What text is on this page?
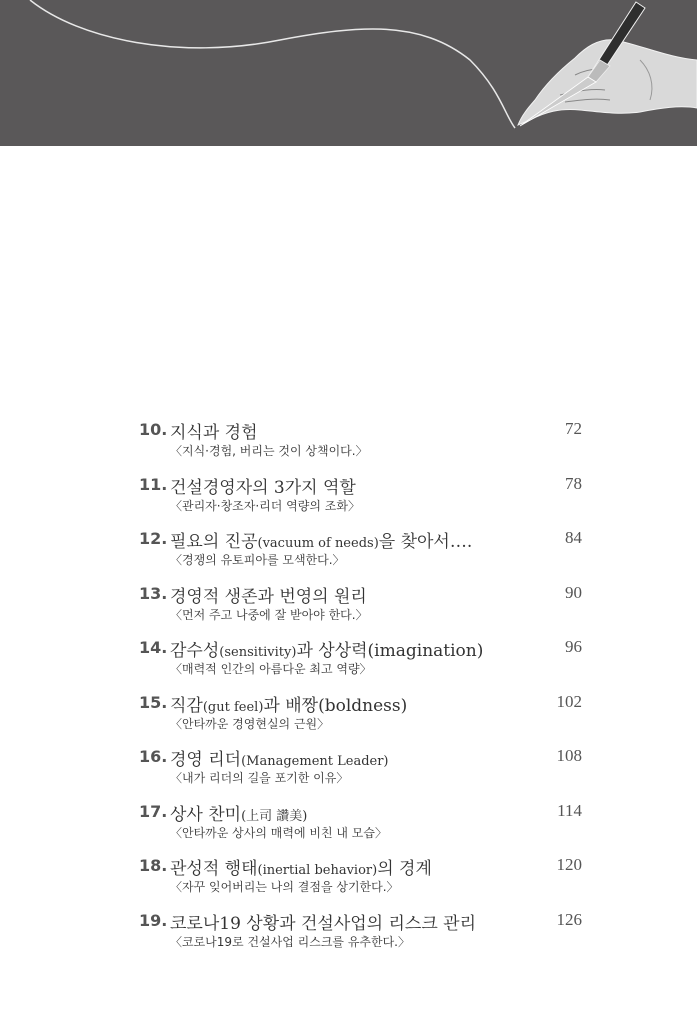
10. 지식과 경험	72
〈지식·경험, 버리는 것이 상책이다.〉
11. 건설경영자의 3가지 역할	78
〈관리자·창조자·리더 역량의 조화〉
12. 필요의 진공(vacuum of needs)을 찾아서….	84
〈경쟁의 유토피아를 모색한다.〉
13. 경영적 생존과 번영의 원리	90
〈먼저 주고 나중에 잘 받아야 한다.〉
14. 감수성(sensitivity)과 상상력(imagination)	96
〈매력적 인간의 아름다운 최고 역량〉
15. 직감(gut feel)과 배짱(boldness)	102
〈안타까운 경영현실의 근원〉
16. 경영 리더(Management Leader)	108
〈내가 리더의 길을 포기한 이유〉
17. 상사 찬미(上司 讚美)	114
〈안타까운 상사의 매력에 비친 내 모습〉
18. 관성적 행태(inertial behavior)의 경계	120
〈자꾸 잊어버리는 나의 결점을 상기한다.〉
19. 코로나19 상황과 건설사업의 리스크 관리	126
〈코로나19로 건설사업 리스크를 유추한다.〉
